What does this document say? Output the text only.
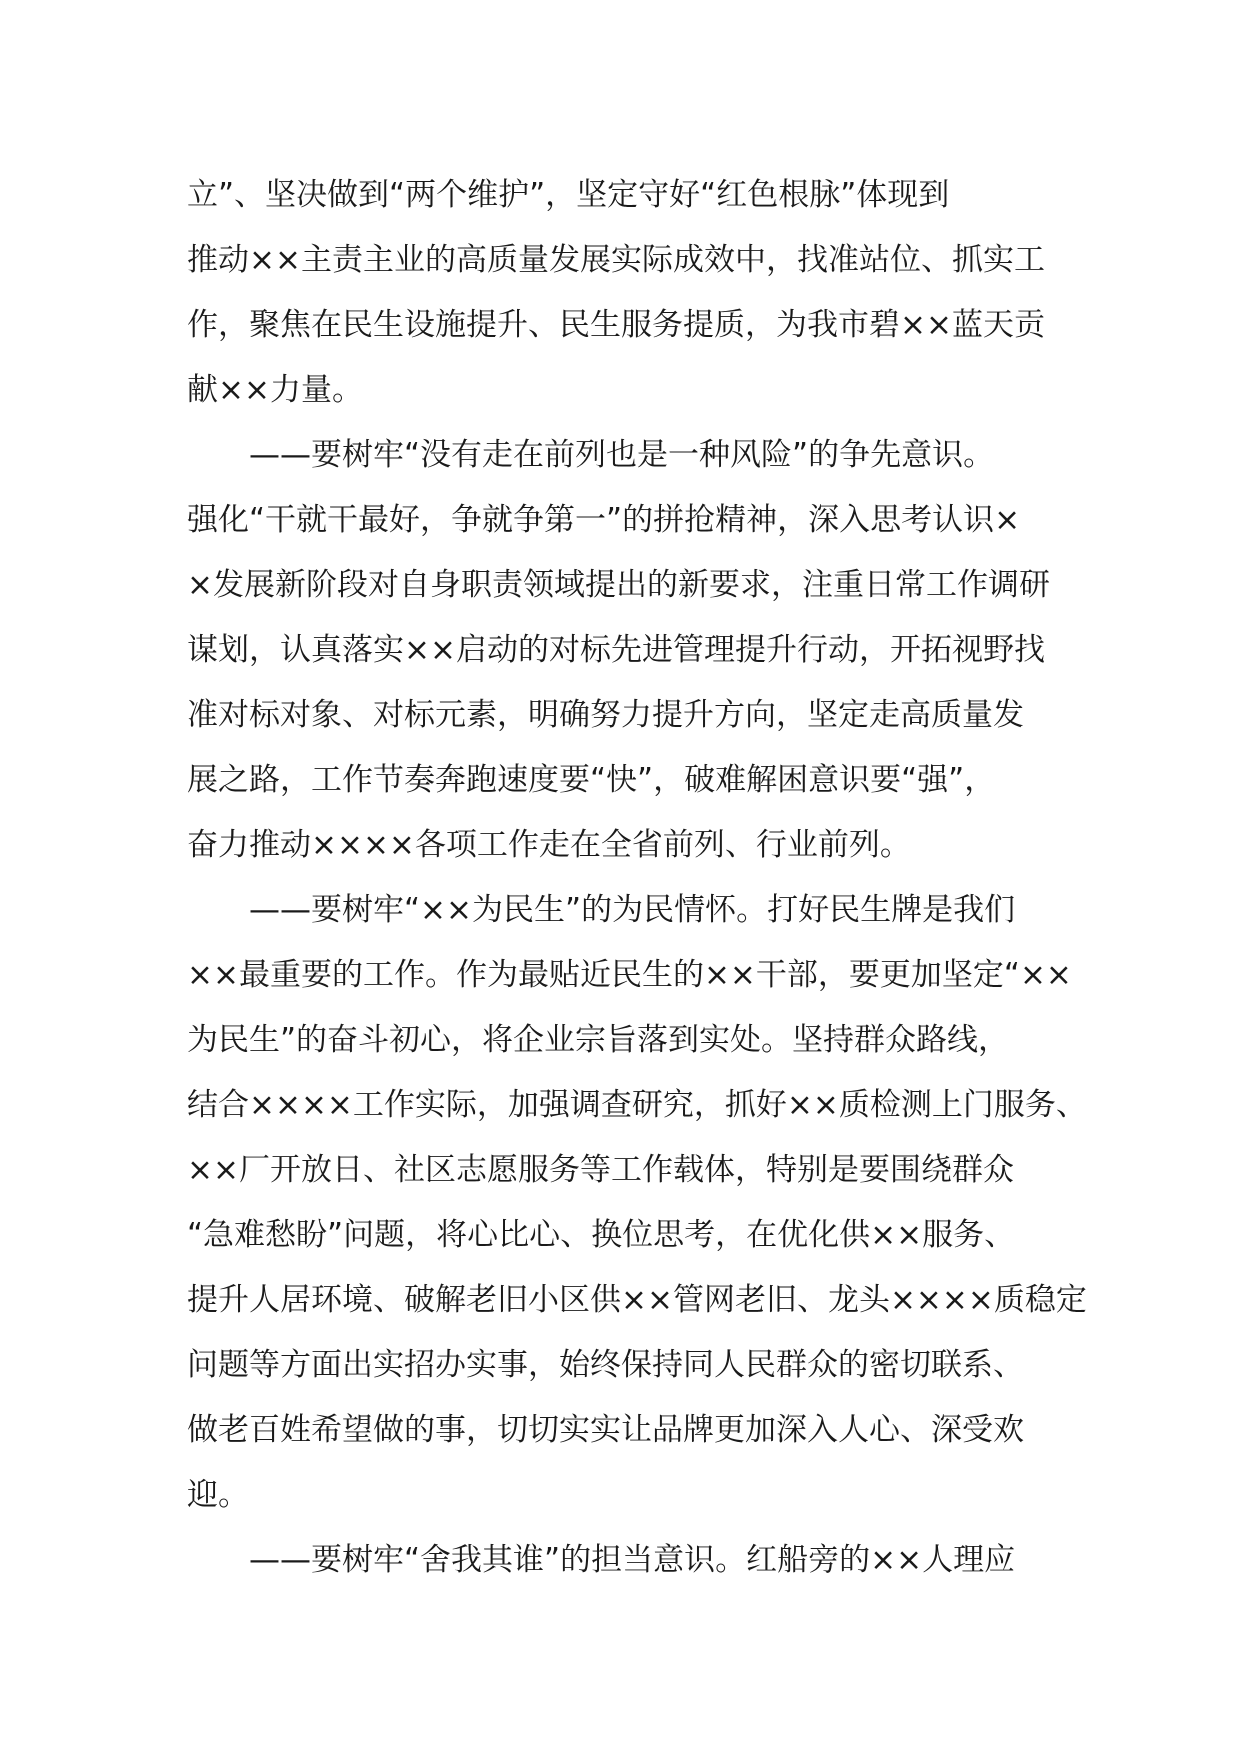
立”、坚决做到“两个维护”，坚定守好“红色根脉”体现到
推动××主责主业的高质量发展实际成效中，找准站位、抓实工
作，聚焦在民生设施提升、民生服务提质，为我市碧××蓝天贡
献××力量。
——要树牢“没有走在前列也是一种风险”的争先意识。
强化“干就干最好，争就争第一”的拼抢精神，深入思考认识×
×发展新阶段对自身职责领域提出的新要求，注重日常工作调研
谋划，认真落实××启动的对标先进管理提升行动，开拓视野找
准对标对象、对标元素，明确努力提升方向，坚定走高质量发
展之路，工作节奏奔跑速度要“快”，破难解困意识要“强”，
奋力推动××××各项工作走在全省前列、行业前列。
——要树牢“××为民生”的为民情怀。打好民生牌是我们
××最重要的工作。作为最贴近民生的××干部，要更加坚定“××
为民生”的奋斗初心，将企业宗旨落到实处。坚持群众路线，
结合××××工作实际，加强调查研究，抓好××质检测上门服务、
××厂开放日、社区志愿服务等工作载体，特别是要围绕群众
“急难愁盼”问题，将心比心、换位思考，在优化供××服务、
提升人居环境、破解老旧小区供××管网老旧、龙头××××质稳定
问题等方面出实招办实事，始终保持同人民群众的密切联系、
做老百姓希望做的事，切切实实让品牌更加深入人心、深受欢
迎。
——要树牢“舍我其谁”的担当意识。红船旁的××人理应
